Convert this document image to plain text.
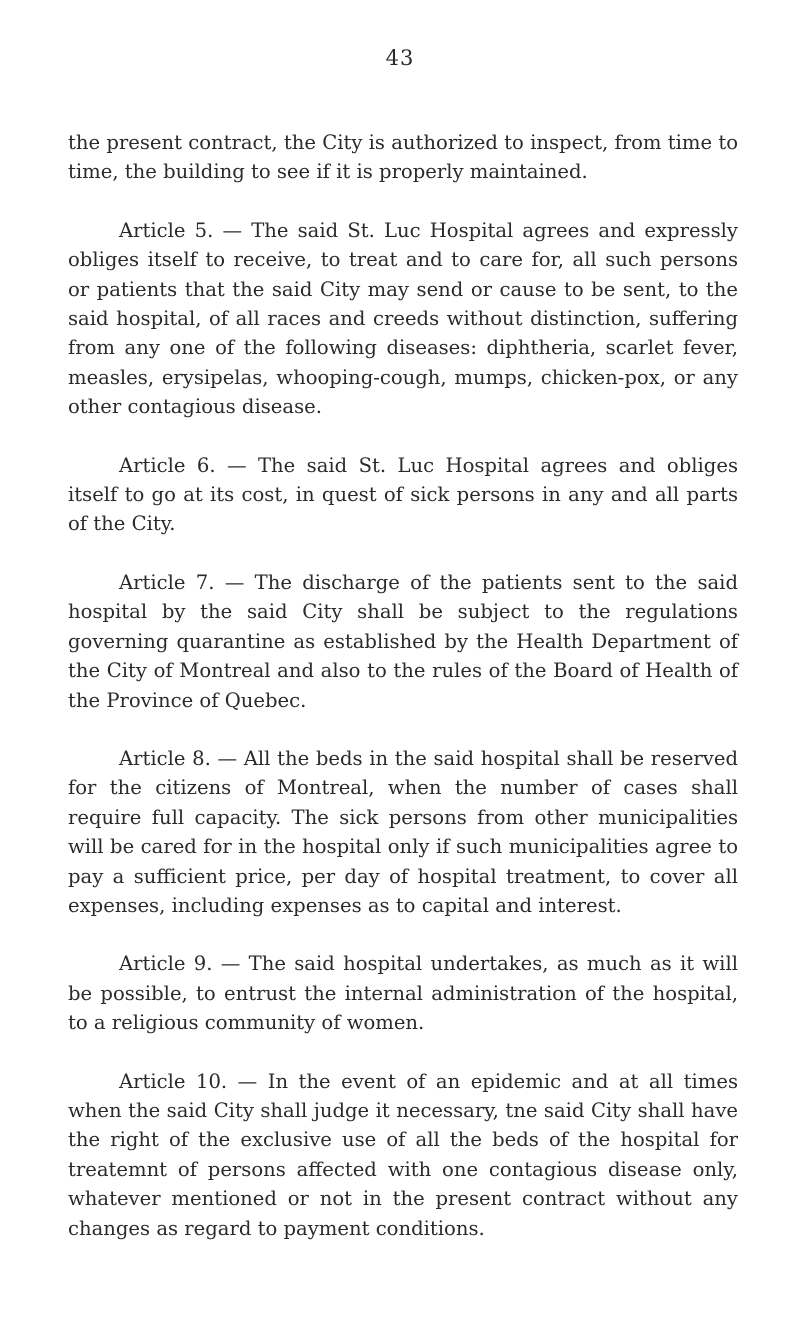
43

the present contract, the City is authorized to inspect, from time to time, the building to see if it is properly maintained.

Article 5. — The said St. Luc Hospital agrees and expressly obliges itself to receive, to treat and to care for, all such persons or patients that the said City may send or cause to be sent, to the said hospital, of all races and creeds without distinction, suffering from any one of the following diseases: diphtheria, scarlet fever, measles, erysipelas, whooping-cough, mumps, chicken-pox, or any other contagious disease.

Article 6. — The said St. Luc Hospital agrees and obliges itself to go at its cost, in quest of sick persons in any and all parts of the City.

Article 7. — The discharge of the patients sent to the said hospital by the said City shall be subject to the regulations governing quarantine as established by the Health Department of the City of Montreal and also to the rules of the Board of Health of the Province of Quebec.

Article 8. — All the beds in the said hospital shall be reserved for the citizens of Montreal, when the number of cases shall require full capacity. The sick persons from other municipalities will be cared for in the hospital only if such municipalities agree to pay a sufficient price, per day of hospital treatment, to cover all expenses, including expenses as to capital and interest.

Article 9. — The said hospital undertakes, as much as it will be possible, to entrust the internal administration of the hospital, to a religious community of women.

Article 10. — In the event of an epidemic and at all times when the said City shall judge it necessary, tne said City shall have the right of the exclusive use of all the beds of the hospital for treatemnt of persons affected with one contagious disease only, whatever mentioned or not in the present contract without any changes as regard to payment conditions.
